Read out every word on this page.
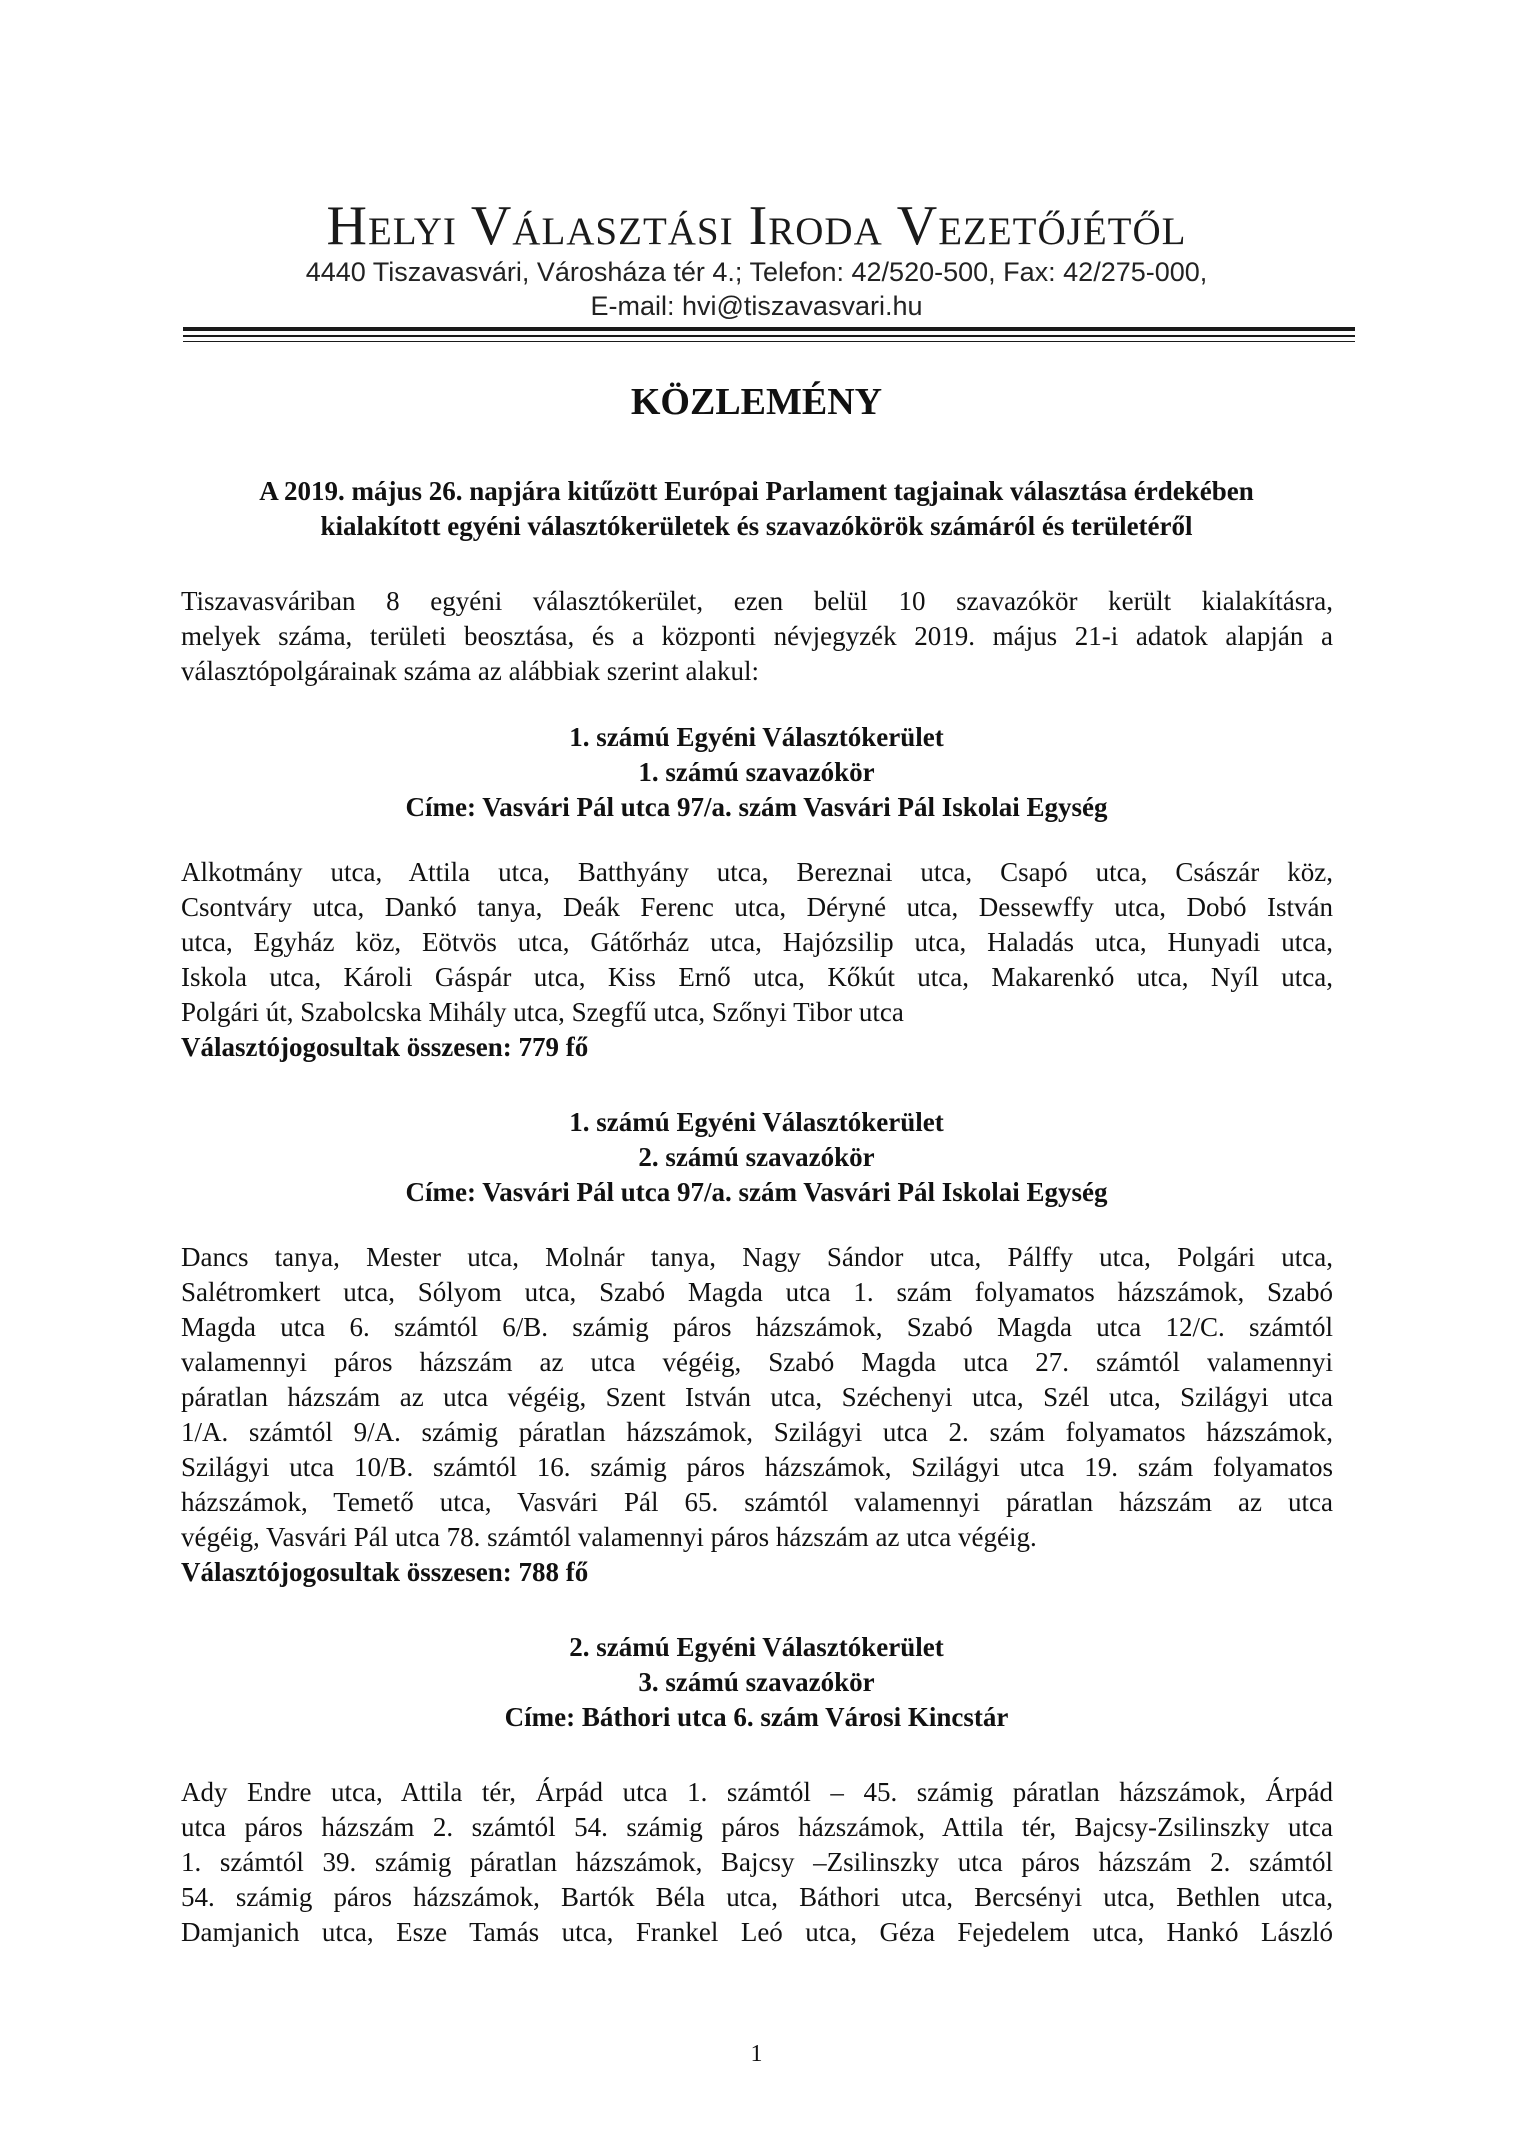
Helyi Választási Iroda Vezetőjétől
4440 Tiszavasvári, Városháza tér 4.; Telefon: 42/520-500, Fax: 42/275-000,
E-mail: hvi@tiszavasvari.hu
KÖZLEMÉNY
A 2019. május 26. napjára kitűzött Európai Parlament tagjainak választása érdekében
kialakított egyéni választókerületek és szavazókörök számáról és területéről
Tiszavasváriban 8 egyéni választókerület, ezen belül 10 szavazókör került kialakításra,
melyek száma, területi beosztása, és a központi névjegyzék 2019. május 21-i adatok alapján a
választópolgárainak száma az alábbiak szerint alakul:
1. számú Egyéni Választókerület
1. számú szavazókör
Címe: Vasvári Pál utca 97/a. szám Vasvári Pál Iskolai Egység
Alkotmány utca, Attila utca, Batthyány utca, Bereznai utca, Csapó utca, Császár köz,
Csontváry utca, Dankó tanya, Deák Ferenc utca, Déryné utca, Dessewffy utca, Dobó István
utca, Egyház köz, Eötvös utca, Gátőrház utca, Hajózsilip utca, Haladás utca, Hunyadi utca,
Iskola utca, Károli Gáspár utca, Kiss Ernő utca, Kőkút utca, Makarenkó utca, Nyíl utca,
Polgári út, Szabolcska Mihály utca, Szegfű utca, Szőnyi Tibor utca
Választójogosultak összesen: 779 fő
1. számú Egyéni Választókerület
2. számú szavazókör
Címe: Vasvári Pál utca 97/a. szám Vasvári Pál Iskolai Egység
Dancs tanya, Mester utca, Molnár tanya, Nagy Sándor utca, Pálffy utca, Polgári utca,
Salétromkert utca, Sólyom utca, Szabó Magda utca 1. szám folyamatos házszámok, Szabó
Magda utca 6. számtól 6/B. számig páros házszámok, Szabó Magda utca 12/C. számtól
valamennyi páros házszám az utca végéig, Szabó Magda utca 27. számtól valamennyi
páratlan házszám az utca végéig, Szent István utca, Széchenyi utca, Szél utca, Szilágyi utca
1/A. számtól 9/A. számig páratlan házszámok, Szilágyi utca 2. szám folyamatos házszámok,
Szilágyi utca 10/B. számtól 16. számig páros házszámok, Szilágyi utca 19. szám folyamatos
házszámok, Temető utca, Vasvári Pál 65. számtól valamennyi páratlan házszám az utca
végéig, Vasvári Pál utca 78. számtól valamennyi páros házszám az utca végéig.
Választójogosultak összesen: 788 fő
2. számú Egyéni Választókerület
3. számú szavazókör
Címe: Báthori utca 6. szám Városi Kincstár
Ady Endre utca, Attila tér, Árpád utca 1. számtól – 45. számig páratlan házszámok, Árpád
utca páros házszám 2. számtól 54. számig páros házszámok, Attila tér, Bajcsy-Zsilinszky utca
1. számtól 39. számig páratlan házszámok, Bajcsy –Zsilinszky utca páros házszám 2. számtól
54. számig páros házszámok, Bartók Béla utca, Báthori utca, Bercsényi utca, Bethlen utca,
Damjanich utca, Esze Tamás utca, Frankel Leó utca, Géza Fejedelem utca, Hankó László
1
